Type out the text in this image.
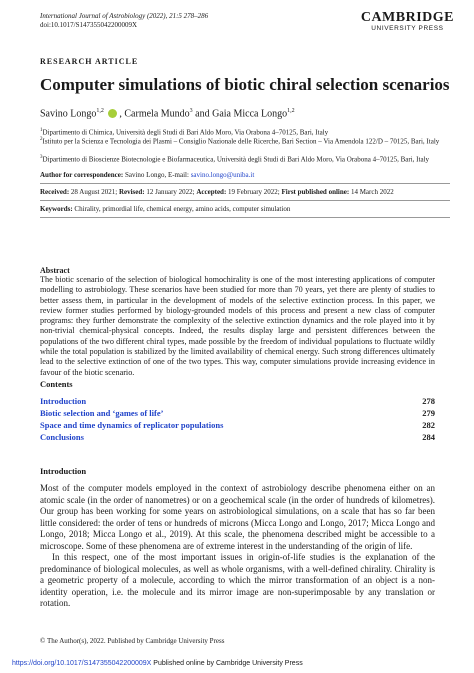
International Journal of Astrobiology (2022), 21:5 278–286
doi:10.1017/S147355042200009X	CAMBRIDGE
UNIVERSITY PRESS
RESEARCH ARTICLE
Computer simulations of biotic chiral selection scenarios
Savino Longo$^{1,2}$ , Carmela Mundo$^3$ and Gaia Micca Longo$^{1,2}$
$^1$Dipartimento di Chimica, Università degli Studi di Bari Aldo Moro, Via Orabona 4–70125, Bari, Italy
$^2$Istituto per la Scienza e Tecnologia dei Plasmi – Consiglio Nazionale delle Ricerche, Bari Section – Via Amendola 122/D – 70125, Bari, Italy
$^3$Dipartimento di Bioscienze Biotecnologie e Biofarmaceutica, Università degli Studi di Bari Aldo Moro, Via Orabona 4–70125, Bari, Italy
Author for correspondence: Savino Longo, E-mail: savino.longo@uniba.it
Received: 28 August 2021; Revised: 12 January 2022; Accepted: 19 February 2022; First published online: 14 March 2022
Keywords: Chirality, primordial life, chemical energy, amino acids, computer simulation
Abstract
The biotic scenario of the selection of biological homochirality is one of the most interesting applications of computer modelling to astrobiology. These scenarios have been studied for more than 70 years, yet there are plenty of studies to better assess them, in particular in the development of models of the selective extinction process. In this paper, we review former studies performed by biology-grounded models of this process and present a new class of computer programs: they further demonstrate the complexity of the selective extinction dynamics and the role played into it by non-trivial chemical-physical concepts. Indeed, the results display large and persistent differences between the populations of the two different chiral types, made possible by the freedom of individual populations to fluctuate wildly while the total population is stabilized by the limited availability of chemical energy. Such strong differences ultimately lead to the selective extinction of one of the two types. This way, computer simulations provide increasing evidence in favour of the biotic scenario.
Contents
Introduction	278
Biotic selection and ‘games of life’	279
Space and time dynamics of replicator populations	282
Conclusions	284
Introduction

Most of the computer models employed in the context of astrobiology describe phenomena either on an atomic scale (in the order of nanometres) or on a geochemical scale (in the order of hundreds of kilometres). Our group has been working for some years on astrobiological simulations, on a scale that has so far been little considered: the order of tens or hundreds of microns (Micca Longo and Longo, 2017; Micca Longo and Longo, 2018; Micca Longo et al., 2019). At this scale, the phenomena described might be accessible to a microscope. Some of these phenomena are of extreme interest in the understanding of the origin of life.

In this respect, one of the most important issues in origin-of-life studies is the explanation of the predominance of biological molecules, as well as whole organisms, with a well-defined chirality. Chirality is a geometric property of a molecule, according to which the mirror transformation of an object is a non-identity operation, i.e. the molecule and its mirror image are non-superimposable by any translation or rotation.

© The Author(s), 2022. Published by Cambridge University Press
https://doi.org/10.1017/S147355042200009X Published online by Cambridge University Press
